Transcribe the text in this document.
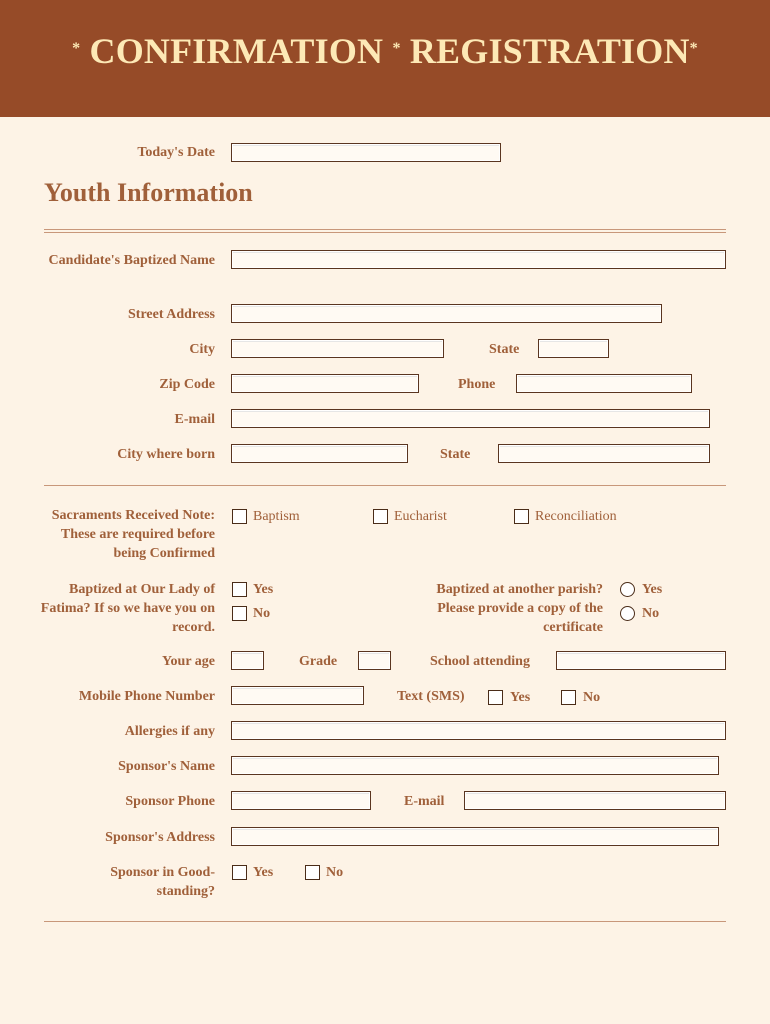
* CONFIRMATION * REGISTRATION*
Today's Date
Youth Information
Candidate's Baptized Name
Street Address
City	State
Zip Code	Phone
E-mail
City where born	State
Sacraments Received Note: These are required before being Confirmed
Baptism	Eucharist	Reconciliation
Baptized at Our Lady of Fatima? If so we have you on record.
Yes
No
Baptized at another parish? Please provide a copy of the certificate
Yes
No
Your age	Grade	School attending
Mobile Phone Number	Text (SMS)	Yes	No
Allergies if any
Sponsor's Name
Sponsor Phone	E-mail
Sponsor's Address
Sponsor in Good-standing?
Yes	No
